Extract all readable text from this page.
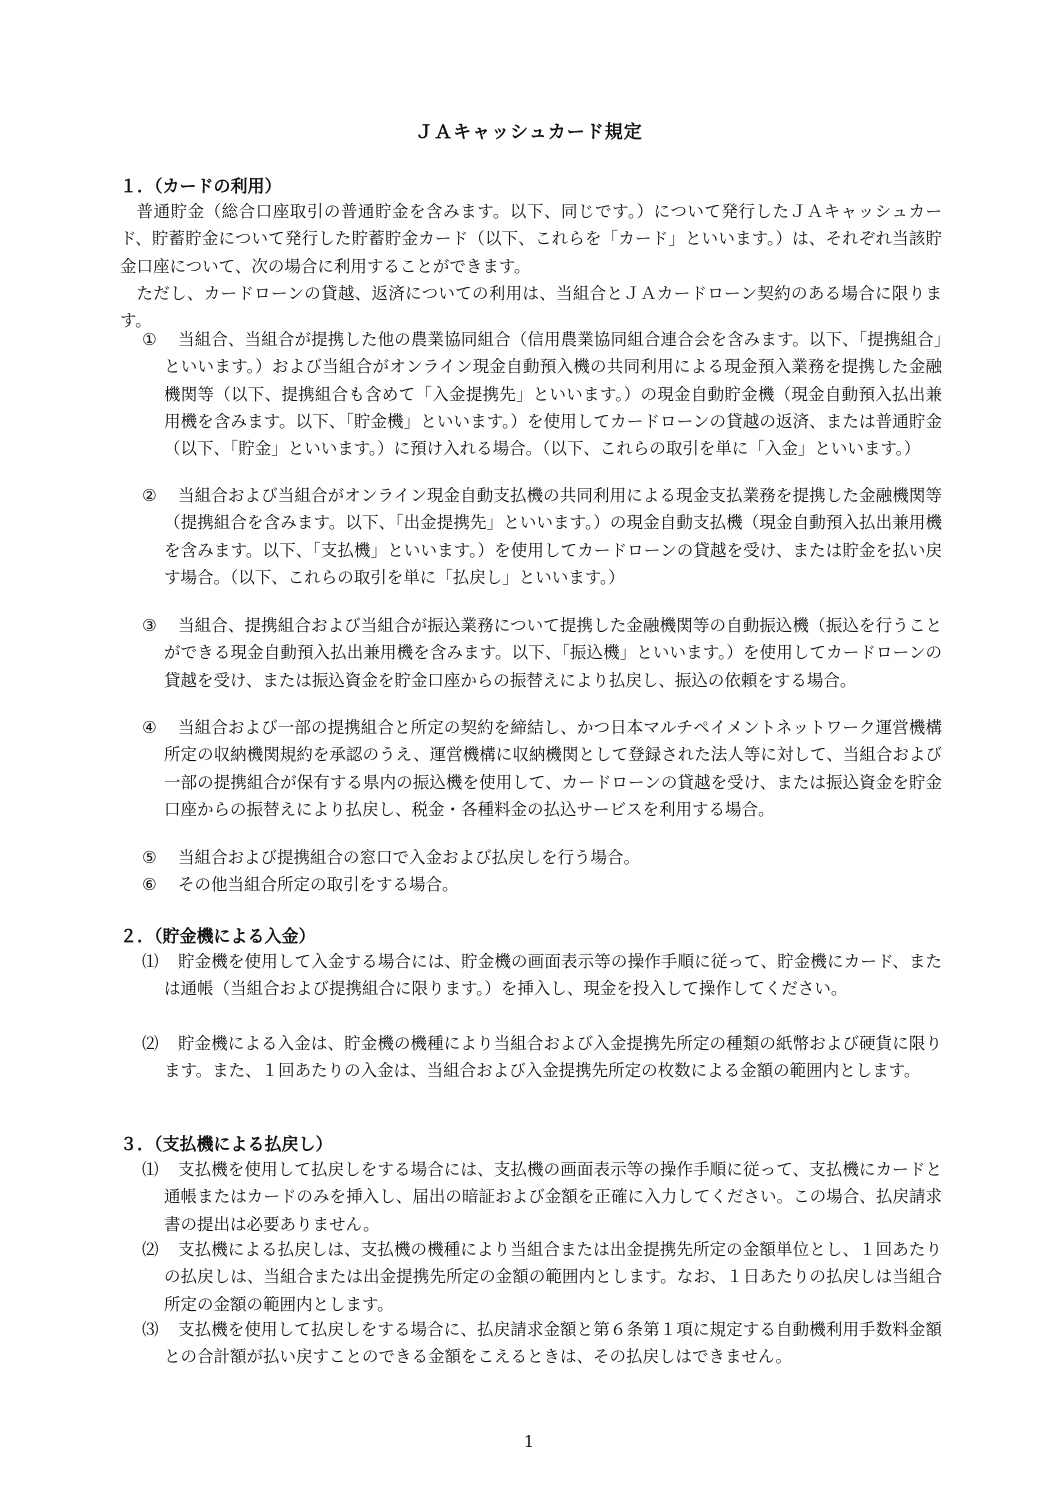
ＪＡキャッシュカード規定
１．（カードの利用）

普通貯金（総合口座取引の普通貯金を含みます。以下、同じです。）について発行したＪＡキャッシュカード、貯蓄貯金について発行した貯蓄貯金カード（以下、これらを「カード」といいます。）は、それぞれ当該貯金口座について、次の場合に利用することができます。

ただし、カードローンの貸越、返済についての利用は、当組合とＪＡカードローン契約のある場合に限ります。

①	当組合、当組合が提携した他の農業協同組合（信用農業協同組合連合会を含みます。以下、「提携組合」といいます。）および当組合がオンライン現金自動預入機の共同利用による現金預入業務を提携した金融機関等（以下、提携組合も含めて「入金提携先」といいます。）の現金自動貯金機（現金自動預入払出兼用機を含みます。以下、「貯金機」といいます。）を使用してカードローンの貸越の返済、または普通貯金（以下、「貯金」といいます。）に預け入れる場合。（以下、これらの取引を単に「入金」といいます。）
②	当組合および当組合がオンライン現金自動支払機の共同利用による現金支払業務を提携した金融機関等（提携組合を含みます。以下、「出金提携先」といいます。）の現金自動支払機（現金自動預入払出兼用機を含みます。以下、「支払機」といいます。）を使用してカードローンの貸越を受け、または貯金を払い戻す場合。（以下、これらの取引を単に「払戻し」といいます。）
③	当組合、提携組合および当組合が振込業務について提携した金融機関等の自動振込機（振込を行うことができる現金自動預入払出兼用機を含みます。以下、「振込機」といいます。）を使用してカードローンの貸越を受け、または振込資金を貯金口座からの振替えにより払戻し、振込の依頼をする場合。
④	当組合および一部の提携組合と所定の契約を締結し、かつ日本マルチペイメントネットワーク運営機構所定の収納機関規約を承認のうえ、運営機構に収納機関として登録された法人等に対して、当組合および一部の提携組合が保有する県内の振込機を使用して、カードローンの貸越を受け、または振込資金を貯金口座からの振替えにより払戻し、税金・各種料金の払込サービスを利用する場合。
⑤	当組合および提携組合の窓口で入金および払戻しを行う場合。
⑥	その他当組合所定の取引をする場合。
２．（貯金機による入金）
⑴	貯金機を使用して入金する場合には、貯金機の画面表示等の操作手順に従って、貯金機にカード、または通帳（当組合および提携組合に限ります。）を挿入し、現金を投入して操作してください。
⑵	貯金機による入金は、貯金機の機種により当組合および入金提携先所定の種類の紙幣および硬貨に限ります。また、１回あたりの入金は、当組合および入金提携先所定の枚数による金額の範囲内とします。
３．（支払機による払戻し）
⑴	支払機を使用して払戻しをする場合には、支払機の画面表示等の操作手順に従って、支払機にカードと通帳またはカードのみを挿入し、届出の暗証および金額を正確に入力してください。この場合、払戻請求書の提出は必要ありません。
⑵	支払機による払戻しは、支払機の機種により当組合または出金提携先所定の金額単位とし、１回あたりの払戻しは、当組合または出金提携先所定の金額の範囲内とします。なお、１日あたりの払戻しは当組合所定の金額の範囲内とします。
⑶	支払機を使用して払戻しをする場合に、払戻請求金額と第６条第１項に規定する自動機利用手数料金額との合計額が払い戻すことのできる金額をこえるときは、その払戻しはできません。
1
